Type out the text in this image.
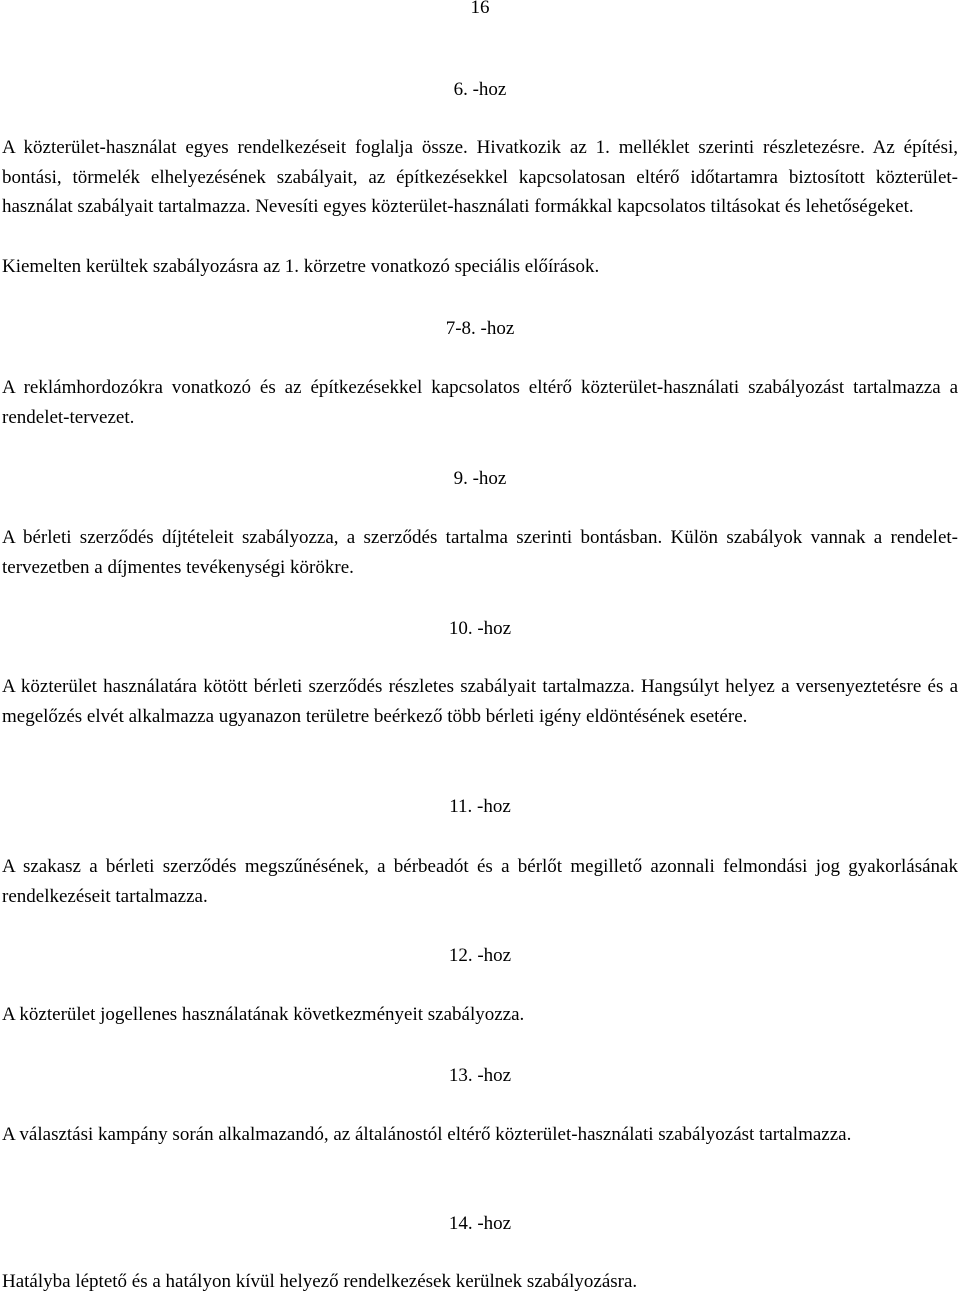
16
6. -hoz
A közterület-használat egyes rendelkezéseit foglalja össze. Hivatkozik az 1. melléklet szerinti részletezésre. Az építési, bontási, törmelék elhelyezésének szabályait, az építkezésekkel kapcsolatosan eltérő időtartamra biztosított közterület-használat szabályait tartalmazza. Nevesíti egyes közterület-használati formákkal kapcsolatos tiltásokat és lehetőségeket.
Kiemelten kerültek szabályozásra az 1. körzetre vonatkozó speciális előírások.
7-8. -hoz
A reklámhordozókra vonatkozó és az építkezésekkel kapcsolatos eltérő közterület-használati szabályozást tartalmazza a rendelet-tervezet.
9. -hoz
A bérleti szerződés díjtételeit szabályozza, a szerződés tartalma szerinti bontásban. Külön szabályok vannak a rendelet-tervezetben a díjmentes tevékenységi körökre.
10. -hoz
A közterület használatára kötött bérleti szerződés részletes szabályait tartalmazza. Hangsúlyt helyez a versenyeztetésre és a megelőzés elvét alkalmazza ugyanazon területre beérkező több bérleti igény eldöntésének esetére.
11. -hoz
A szakasz a bérleti szerződés megszűnésének, a bérbeadót és a bérlőt megillető azonnali felmondási jog gyakorlásának rendelkezéseit tartalmazza.
12. -hoz
A közterület jogellenes használatának következményeit szabályozza.
13. -hoz
A választási kampány során alkalmazandó, az általánostól eltérő közterület-használati szabályozást tartalmazza.
14. -hoz
Hatályba léptető és a hatályon kívül helyező rendelkezések kerülnek szabályozásra.
